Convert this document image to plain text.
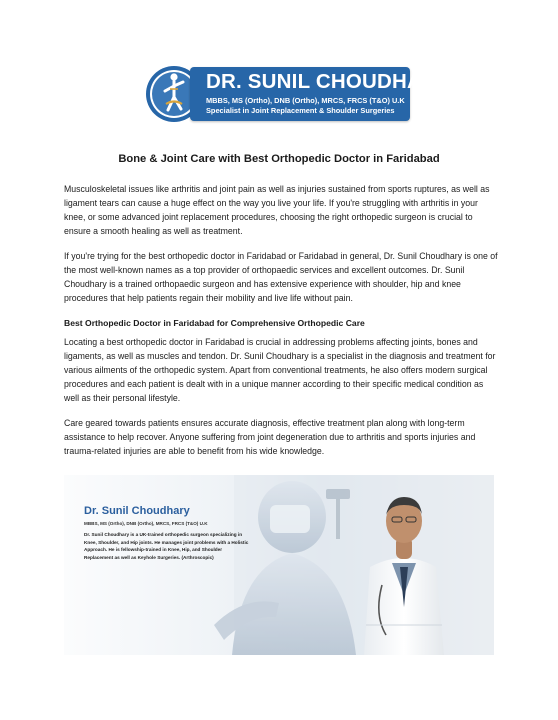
DR. SUNIL CHOUDHARY
MBBS, MS (Ortho), DNB (Ortho), MRCS, FRCS (T&O) U.K
Specialist in Joint Replacement & Shoulder Surgeries
Bone & Joint Care with Best Orthopedic Doctor in Faridabad

Musculoskeletal issues like arthritis and joint pain as well as injuries sustained from sports ruptures, as well as ligament tears can cause a huge effect on the way you live your life. If you're struggling with arthritis in your knee, or some advanced joint replacement procedures, choosing the right orthopedic surgeon is crucial to ensure a smooth healing as well as treatment.

If you're trying for the best orthopedic doctor in Faridabad or Faridabad in general, Dr. Sunil Choudhary is one of the most well-known names as a top provider of orthopaedic services and excellent outcomes. Dr. Sunil Choudhary is a trained orthopaedic surgeon and has extensive experience with shoulder, hip and knee procedures that help patients regain their mobility and live life without pain.

Best Orthopedic Doctor in Faridabad for Comprehensive Orthopedic Care

Locating a best orthopedic doctor in Faridabad is crucial in addressing problems affecting joints, bones and ligaments, as well as muscles and tendon. Dr. Sunil Choudhary is a specialist in the diagnosis and treatment for various ailments of the orthopedic system. Apart from conventional treatments, he also offers modern surgical procedures and each patient is dealt with in a unique manner according to their specific medical condition as well as their personal lifestyle.

Care geared towards patients ensures accurate diagnosis, effective treatment plan along with long-term assistance to help recover. Anyone suffering from joint degeneration due to arthritis and sports injuries and trauma-related injuries are able to benefit from his wide knowledge.

Dr. Sunil Choudhary
MBBS, MS (Ortho), DNB (Ortho), MRCS, FRCS (T&O) U.K
Dr. Sunil Choudhary is a UK-trained orthopedic surgeon specializing in Knee, Shoulder, and Hip joints. He manages joint problems with a Holistic Approach. He is fellowship-trained in Knee, Hip, and Shoulder Replacement as well as Keyhole Surgeries. (Arthroscopic)
